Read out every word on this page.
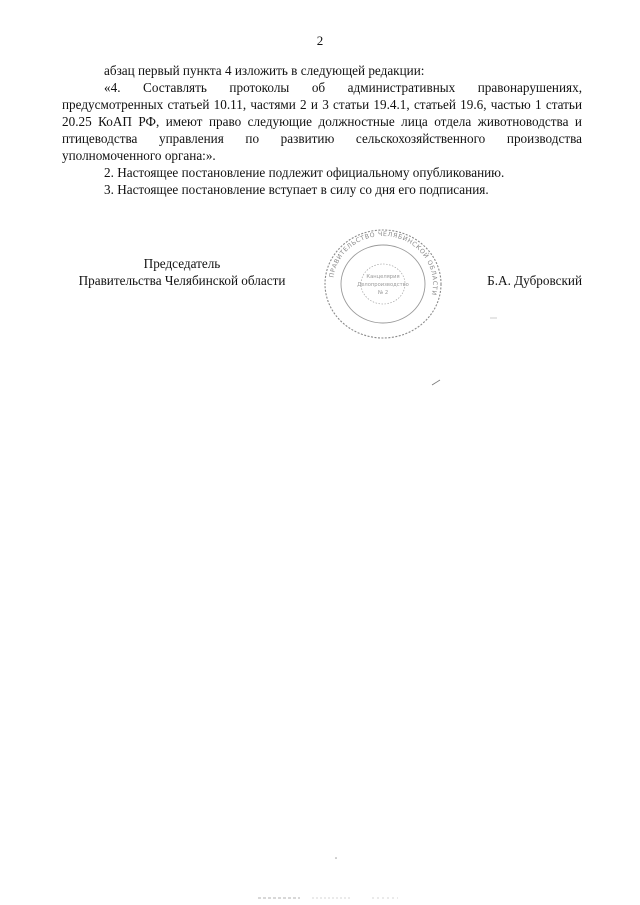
2

абзац первый пункта 4 изложить в следующей редакции:

«4. Составлять протоколы об административных правонарушениях, предусмотренных статьей 10.11, частями 2 и 3 статьи 19.4.1, статьей 19.6, частью 1 статьи 20.25 КоАП РФ, имеют право следующие должностные лица отдела животноводства и птицеводства управления по развитию сельскохозяйственного производства уполномоченного органа:».

2. Настоящее постановление подлежит официальному опубликованию.

3. Настоящее постановление вступает в силу со дня его подписания.

Председатель
Правительства Челябинской области	Б.А. Дубровский
ПРАВИТЕЛЬСТВО ЧЕЛЯБИНСКОЙ ОБЛАСТИ
Канцелярия
Делопроизводство
№ 2
